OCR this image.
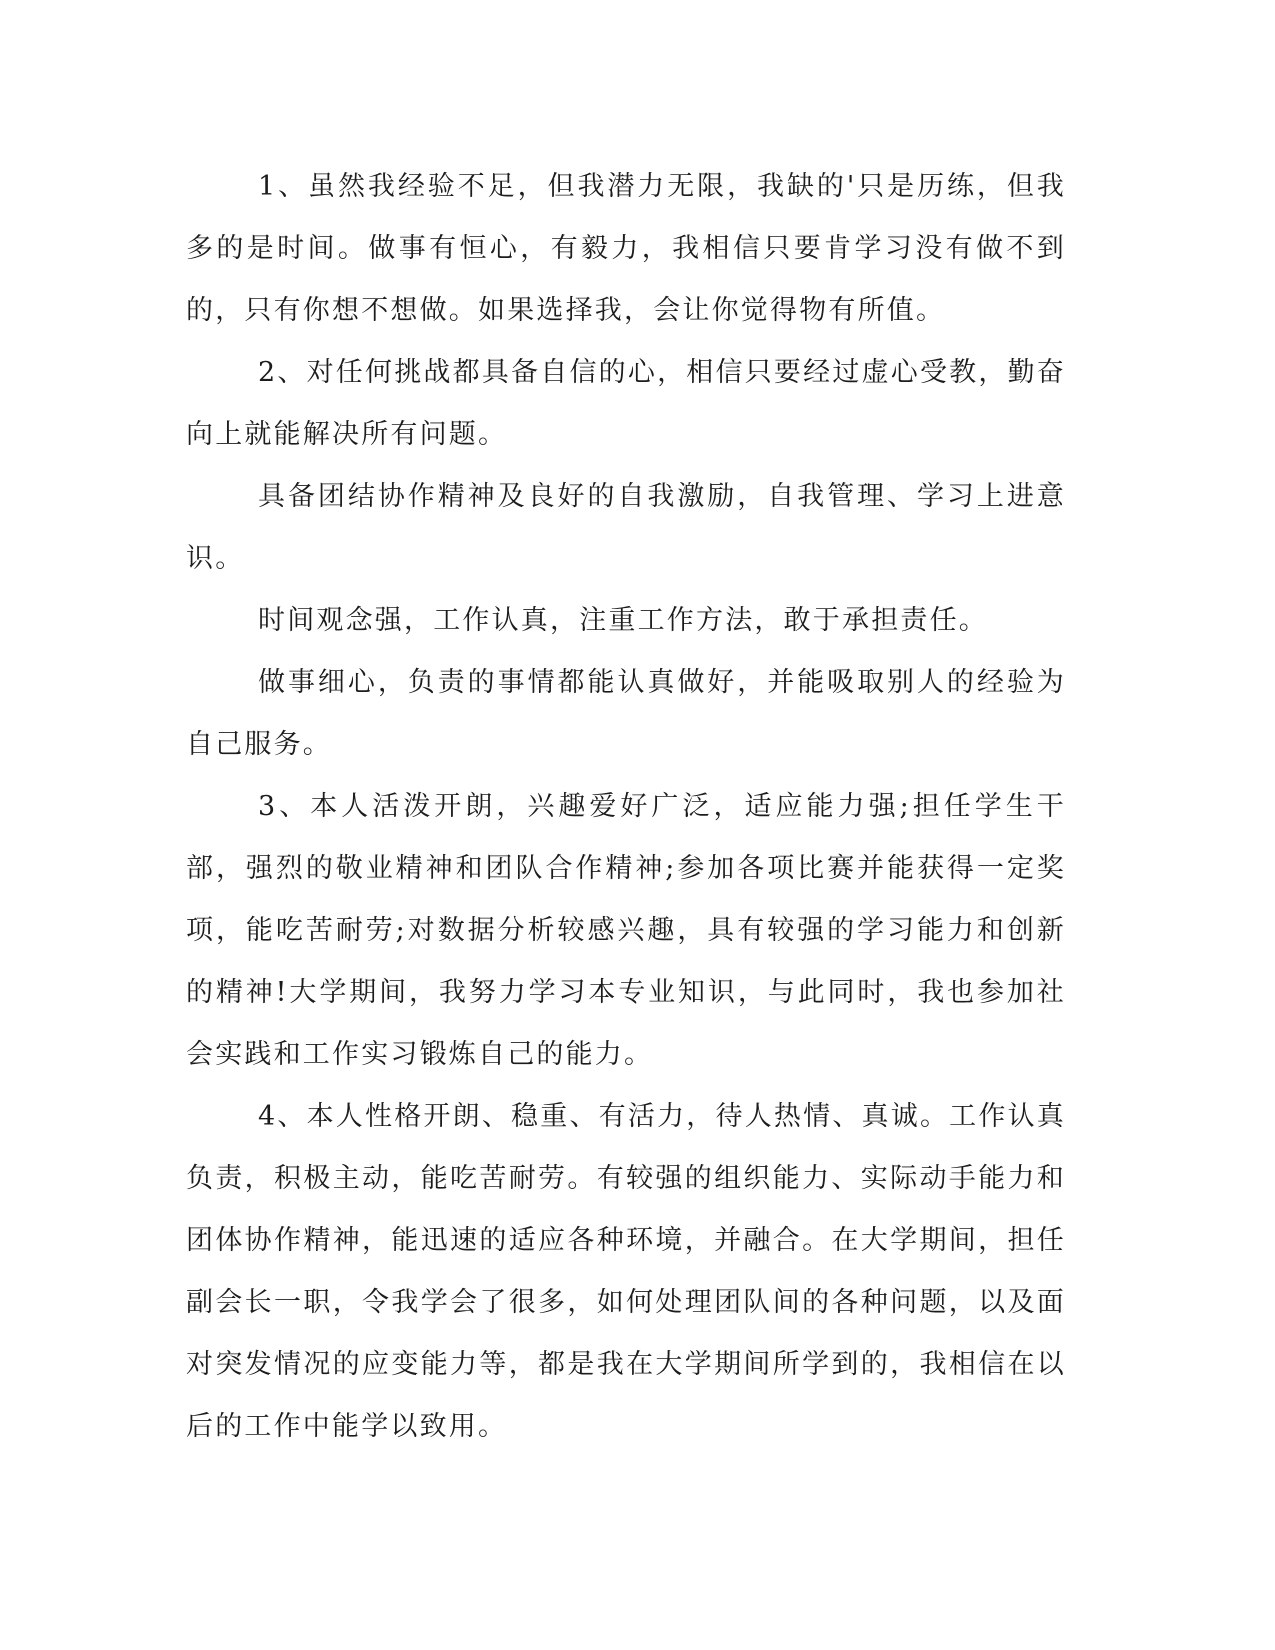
1、虽然我经验不足，但我潜力无限，我缺的'只是历练，但我多的是时间。做事有恒心，有毅力，我相信只要肯学习没有做不到的，只有你想不想做。如果选择我，会让你觉得物有所值。

2、对任何挑战都具备自信的心，相信只要经过虚心受教，勤奋向上就能解决所有问题。

具备团结协作精神及良好的自我激励，自我管理、学习上进意识。

时间观念强，工作认真，注重工作方法，敢于承担责任。

做事细心，负责的事情都能认真做好，并能吸取别人的经验为自己服务。

3、本人活泼开朗，兴趣爱好广泛，适应能力强;担任学生干部，强烈的敬业精神和团队合作精神;参加各项比赛并能获得一定奖项，能吃苦耐劳;对数据分析较感兴趣，具有较强的学习能力和创新的精神!大学期间，我努力学习本专业知识，与此同时，我也参加社会实践和工作实习锻炼自己的能力。

4、本人性格开朗、稳重、有活力，待人热情、真诚。工作认真负责，积极主动，能吃苦耐劳。有较强的组织能力、实际动手能力和团体协作精神，能迅速的适应各种环境，并融合。在大学期间，担任副会长一职，令我学会了很多，如何处理团队间的各种问题，以及面对突发情况的应变能力等，都是我在大学期间所学到的，我相信在以后的工作中能学以致用。
